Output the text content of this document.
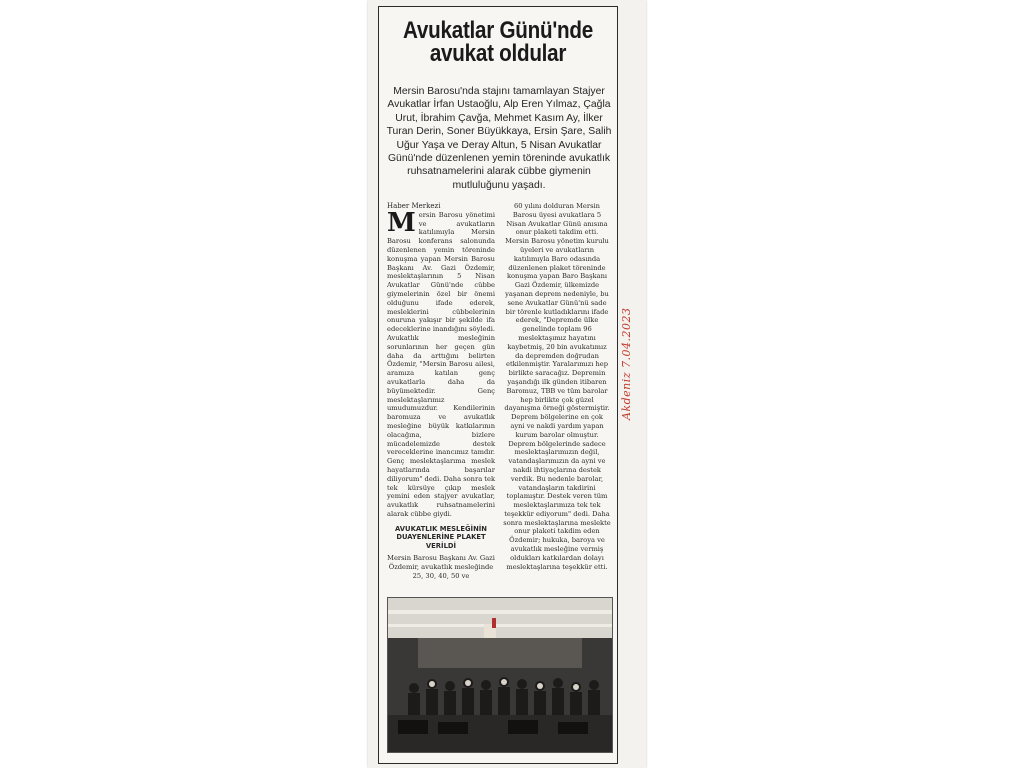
Avukatlar Günü'nde
avukat oldular
Mersin Barosu'nda stajını tamamlayan Stajyer Avukatlar İrfan Ustaoğlu, Alp Eren Yılmaz, Çağla Urut, İbrahim Çavğa, Mehmet Kasım Ay, İlker Turan Derin, Soner Büyükkaya, Ersin Şare, Salih Uğur Yaşa ve Deray Altun, 5 Nisan Avukatlar Günü'nde düzenlenen yemin töreninde avukatlık ruhsatnamelerini alarak cübbe giymenin mutluluğunu yaşadı.

Haber Merkezi

M ersin Barosu yönetimi ve avukatların katılımıyla Mersin Barosu konferans salonunda düzenlenen yemin töreninde konuşma yapan Mersin Barosu Başkanı Av. Gazi Özdemir, meslektaşlarının 5 Nisan Avukatlar Günü'nde cübbe giymelerinin özel bir önemi olduğunu ifade ederek, mesleklerini cübbelerinin onuruna yakışır bir şekilde ifa edeceklerine inandığını söyledi. Avukatlık mesleğinin sorunlarının her geçen gün daha da arttığını belirten Özdemir, "Mersin Barosu ailesi, aramıza katılan genç avukatlarla daha da büyümektedir. Genç meslektaşlarımız umudumuzdur. Kendilerinin baromuza ve avukatlık mesleğine büyük katkılarının olacağına, bizlere mücadelemizde destek vereceklerine inancımız tamdır. Genç meslektaşlarıma meslek hayatlarında başarılar diliyorum" dedi. Daha sonra tek tek kürsüye çıkıp meslek yemini eden stajyer avukatlar, avukatlık ruhsatnamelerini alarak cübbe giydi.

AVUKATLIK MESLEĞİNİN DUAYENLERİNE PLAKET VERİLDİ

Mersin Barosu Başkanı Av. Gazi Özdemir, avukatlık mesleğinde 25, 30, 40, 50 ve

60 yılını dolduran Mersin Barosu üyesi avukatlara 5 Nisan Avukatlar Günü anısına onur plaketi takdim etti. Mersin Barosu yönetim kurulu üyeleri ve avukatların katılımıyla Baro odasında düzenlenen plaket töreninde konuşma yapan Baro Başkanı Gazi Özdemir, ülkemizde yaşanan deprem nedeniyle, bu sene Avukatlar Günü'nü sade bir törenle kutladıklarını ifade ederek, "Depremde ülke genelinde toplam 96 meslektaşımız hayatını kaybetmiş, 20 bin avukatımız da depremden doğrudan etkilenmiştir. Yaralarımızı hep birlikte saracağız. Depremin yaşandığı ilk günden itibaren Baromuz, TBB ve tüm barolar hep birlikte çok güzel dayanışma örneği göstermiştir. Deprem bölgelerine en çok ayni ve nakdi yardım yapan kurum barolar olmuştur. Deprem bölgelerinde sadece meslektaşlarımızın değil, vatandaşlarımızın da ayni ve nakdi ihtiyaçlarına destek verdik. Bu nedenle barolar, vatandaşların takdirini toplamıştır. Destek veren tüm meslektaşlarımıza tek tek teşekkür ediyorum" dedi. Daha sonra meslektaşlarına meslekte onur plaketi takdim eden Özdemir; hukuka, baroya ve avukatlık mesleğine vermiş oldukları katkılardan dolayı meslektaşlarına teşekkür etti.

Akdeniz 7.04.2023
